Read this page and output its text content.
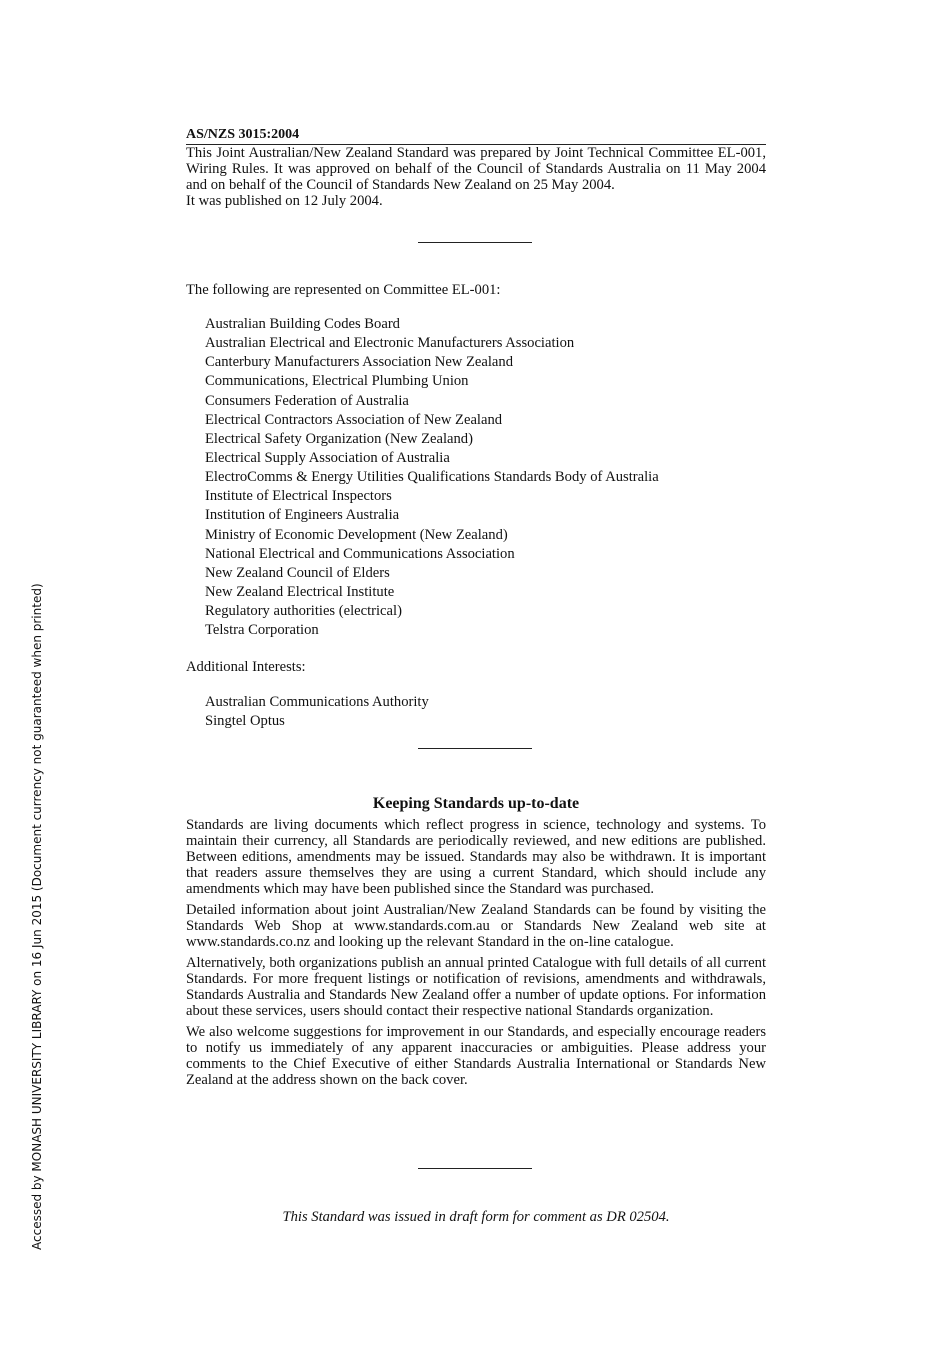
AS/NZS 3015:2004

This Joint Australian/New Zealand Standard was prepared by Joint Technical Committee EL-001, Wiring Rules. It was approved on behalf of the Council of Standards Australia on 11 May 2004 and on behalf of the Council of Standards New Zealand on 25 May 2004.

It was published on 12 July 2004.

The following are represented on Committee EL-001:
Australian Building Codes Board
Australian Electrical and Electronic Manufacturers Association
Canterbury Manufacturers Association New Zealand
Communications, Electrical Plumbing Union
Consumers Federation of Australia
Electrical Contractors Association of New Zealand
Electrical Safety Organization (New Zealand)
Electrical Supply Association of Australia
ElectroComms & Energy Utilities Qualifications Standards Body of Australia
Institute of Electrical Inspectors
Institution of Engineers Australia
Ministry of Economic Development (New Zealand)
National Electrical and Communications Association
New Zealand Council of Elders
New Zealand Electrical Institute
Regulatory authorities (electrical)
Telstra Corporation
Additional Interests:
Australian Communications Authority
Singtel Optus
Keeping Standards up-to-date

Standards are living documents which reflect progress in science, technology and systems. To maintain their currency, all Standards are periodically reviewed, and new editions are published. Between editions, amendments may be issued. Standards may also be withdrawn. It is important that readers assure themselves they are using a current Standard, which should include any amendments which may have been published since the Standard was purchased.

Detailed information about joint Australian/New Zealand Standards can be found by visiting the Standards Web Shop at www.standards.com.au or Standards New Zealand web site at www.standards.co.nz and looking up the relevant Standard in the on-line catalogue.

Alternatively, both organizations publish an annual printed Catalogue with full details of all current Standards. For more frequent listings or notification of revisions, amendments and withdrawals, Standards Australia and Standards New Zealand offer a number of update options. For information about these services, users should contact their respective national Standards organization.

We also welcome suggestions for improvement in our Standards, and especially encourage readers to notify us immediately of any apparent inaccuracies or ambiguities. Please address your comments to the Chief Executive of either Standards Australia International or Standards New Zealand at the address shown on the back cover.

This Standard was issued in draft form for comment as DR 02504.
Accessed by MONASH UNIVERSITY LIBRARY on 16 Jun 2015 (Document currency not guaranteed when printed)
